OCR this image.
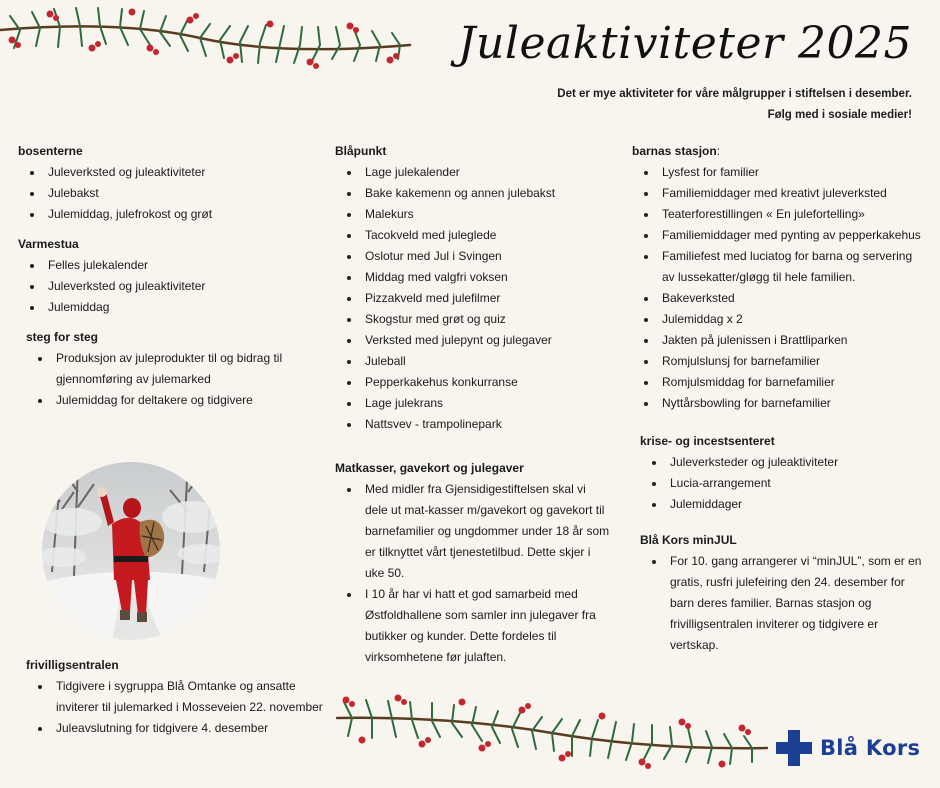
Juleaktiviteter 2025
Det er mye aktiviteter for våre målgrupper i stiftelsen i desember.
Følg med i sosiale medier!
bosenterne
Juleverksted og juleaktiviteter
Julebakst
Julemiddag, julefrokost og grøt
Varmestua
Felles julekalender
Juleverksted og juleaktiviteter
Julemiddag
steg for steg
Produksjon av juleprodukter til og bidrag til gjennomføring av julemarked
Julemiddag for deltakere og tidgivere
frivilligsentralen
Tidgivere i sygruppa Blå Omtanke og ansatte inviterer til julemarked i Mosseveien 22. november
Juleavslutning for tidgivere 4. desember
Blåpunkt
Lage julekalender
Bake kakemenn og annen julebakst
Malekurs
Tacokveld med juleglede
Oslotur med Jul i Svingen
Middag med valgfri voksen
Pizzakveld med julefilmer
Skogstur med grøt og quiz
Verksted med julepynt og julegaver
Juleball
Pepperkakehus konkurranse
Lage julekrans
Nattsvev - trampolinepark
Matkasser, gavekort og julegaver
Med midler fra Gjensidigestiftelsen skal vi dele ut mat-kasser m/gavekort og gavekort til barnefamilier og ungdommer under 18 år som er tilknyttet vårt tjenestetilbud. Dette skjer i uke 50.
I 10 år har vi hatt et god samarbeid med Østfoldhallene som samler inn julegaver fra butikker og kunder. Dette fordeles til virksomhetene før julaften.
barnas stasjon:
Lysfest for familier
Familiemiddager med kreativt juleverksted
Teaterforestillingen « En julefortelling»
Familiemiddager med pynting av pepperkakehus
Familiefest med luciatog for barna og servering av lussekatter/gløgg til hele familien.
Bakeverksted
Julemiddag x 2
Jakten på julenissen i Brattliparken
Romjulslunsj for barnefamilier
Romjulsmiddag for barnefamilier
Nyttårsbowling for barnefamilier
krise- og incestsenteret
Juleverksteder og juleaktiviteter
Lucia-arrangement
Julemiddager
Blå Kors minJUL
For 10. gang arrangerer vi “minJUL”, som er en gratis, rusfri julefeiring den 24. desember for barn deres familier. Barnas stasjon og frivilligsentralen inviterer og tidgivere er vertskap.
Blå Kors
